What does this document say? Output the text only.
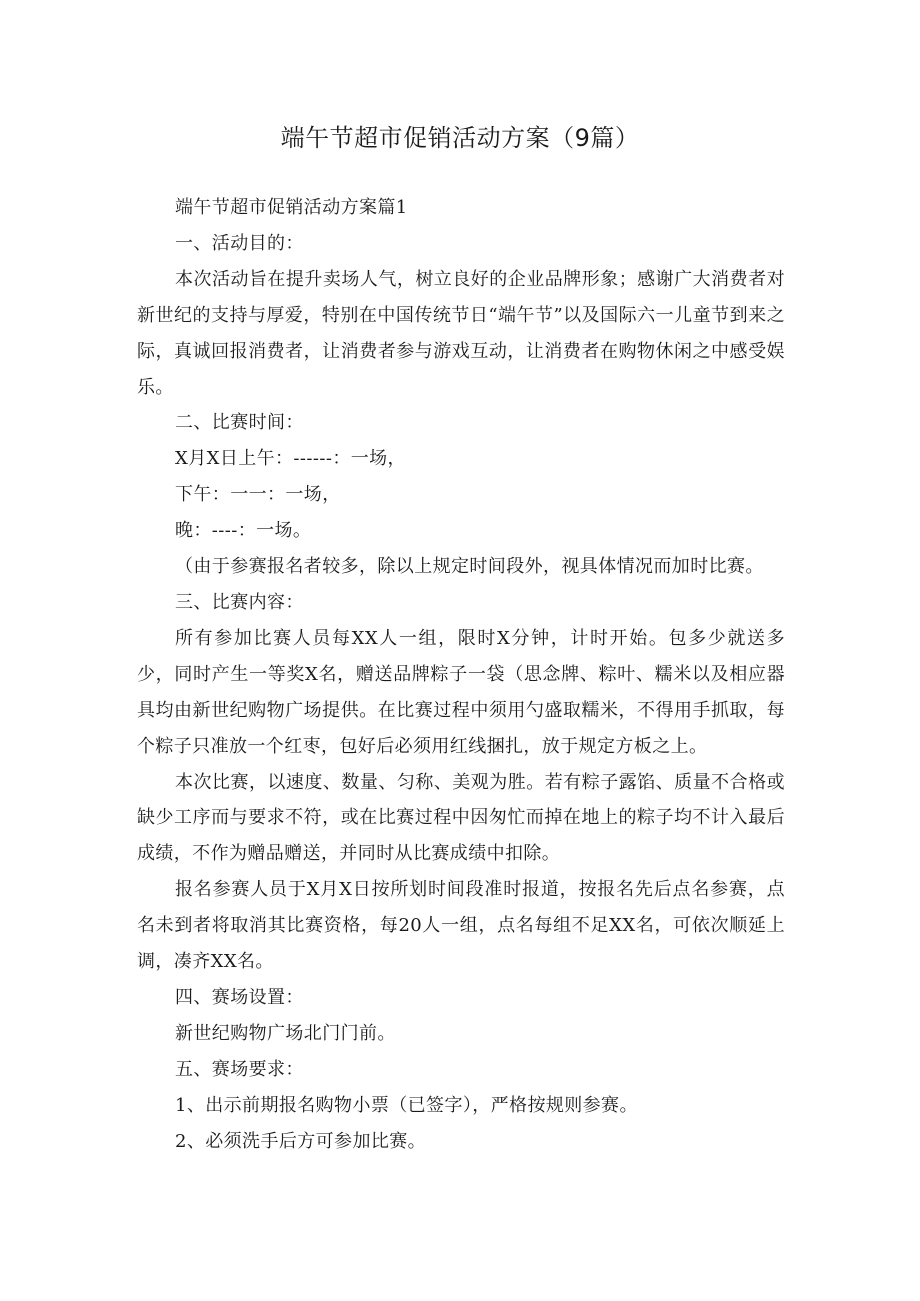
端午节超市促销活动方案（9篇）

端午节超市促销活动方案篇1

一、活动目的：

本次活动旨在提升卖场人气，树立良好的企业品牌形象；感谢广大消费者对新世纪的支持与厚爱，特别在中国传统节日“端午节”以及国际六一儿童节到来之际，真诚回报消费者，让消费者参与游戏互动，让消费者在购物休闲之中感受娱乐。

二、比赛时间：

X月X日上午：------：一场，

下午：一一：一场，

晚：----：一场。

（由于参赛报名者较多，除以上规定时间段外，视具体情况而加时比赛。

三、比赛内容：

所有参加比赛人员每XX人一组，限时X分钟，计时开始。包多少就送多少，同时产生一等奖X名，赠送品牌粽子一袋（思念牌、粽叶、糯米以及相应器具均由新世纪购物广场提供。在比赛过程中须用勺盛取糯米，不得用手抓取，每个粽子只准放一个红枣，包好后必须用红线捆扎，放于规定方板之上。

本次比赛，以速度、数量、匀称、美观为胜。若有粽子露馅、质量不合格或缺少工序而与要求不符，或在比赛过程中因匆忙而掉在地上的粽子均不计入最后成绩，不作为赠品赠送，并同时从比赛成绩中扣除。

报名参赛人员于X月X日按所划时间段准时报道，按报名先后点名参赛，点名未到者将取消其比赛资格，每20人一组，点名每组不足XX名，可依次顺延上调，凑齐XX名。

四、赛场设置：

新世纪购物广场北门门前。

五、赛场要求：

1、出示前期报名购物小票（已签字），严格按规则参赛。

2、必须洗手后方可参加比赛。
